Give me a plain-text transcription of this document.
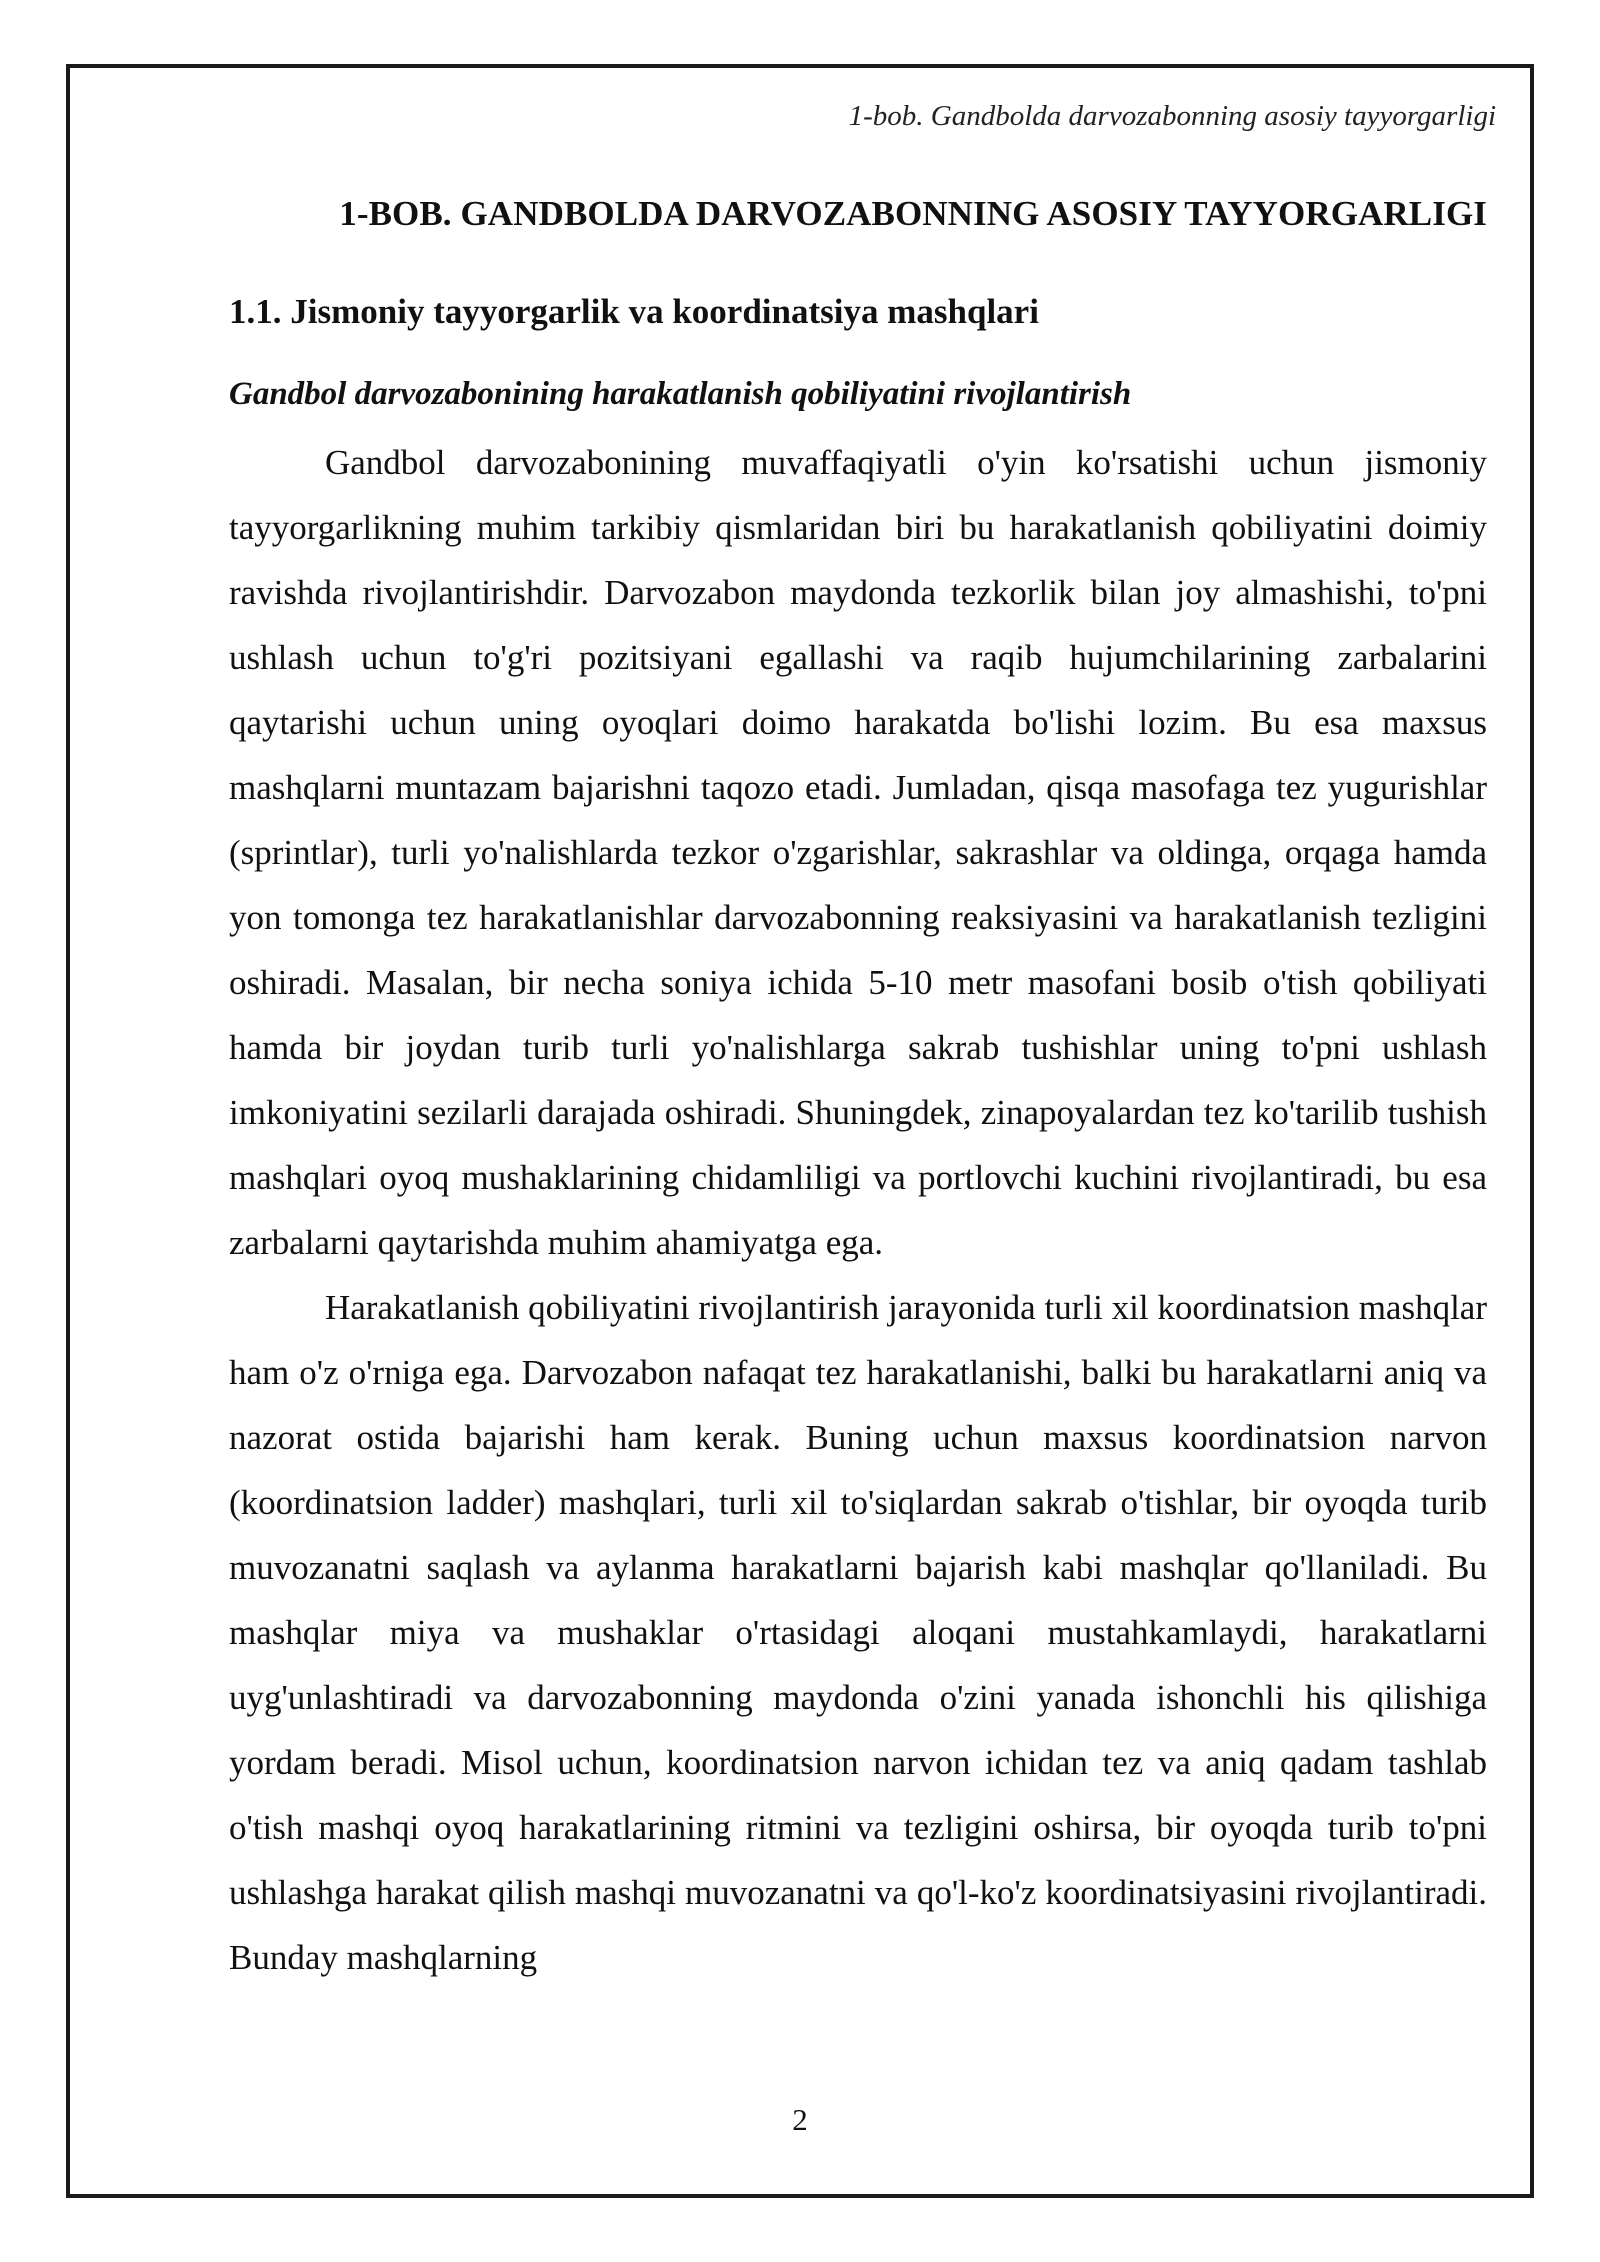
1-bob. Gandbolda darvozabonning asosiy tayyorgarligi
1-BOB. GANDBOLDA DARVOZABONNING ASOSIY TAYYORGARLIGI
1.1. Jismoniy tayyorgarlik va koordinatsiya mashqlari
Gandbol darvozabonining harakatlanish qobiliyatini rivojlantirish

Gandbol darvozabonining muvaffaqiyatli o'yin ko'rsatishi uchun jismoniy tayyorgarlikning muhim tarkibiy qismlaridan biri bu harakatlanish qobiliyatini doimiy ravishda rivojlantirishdir. Darvozabon maydonda tezkorlik bilan joy almashishi, to'pni ushlash uchun to'g'ri pozitsiyani egallashi va raqib hujumchilarining zarbalarini qaytarishi uchun uning oyoqlari doimo harakatda bo'lishi lozim. Bu esa maxsus mashqlarni muntazam bajarishni taqozo etadi. Jumladan, qisqa masofaga tez yugurishlar (sprintlar), turli yo'nalishlarda tezkor o'zgarishlar, sakrashlar va oldinga, orqaga hamda yon tomonga tez harakatlanishlar darvozabonning reaksiyasini va harakatlanish tezligini oshiradi. Masalan, bir necha soniya ichida 5-10 metr masofani bosib o'tish qobiliyati hamda bir joydan turib turli yo'nalishlarga sakrab tushishlar uning to'pni ushlash imkoniyatini sezilarli darajada oshiradi. Shuningdek, zinapoyalardan tez ko'tarilib tushish mashqlari oyoq mushaklarining chidamliligi va portlovchi kuchini rivojlantiradi, bu esa zarbalarni qaytarishda muhim ahamiyatga ega.

Harakatlanish qobiliyatini rivojlantirish jarayonida turli xil koordinatsion mashqlar ham o'z o'rniga ega. Darvozabon nafaqat tez harakatlanishi, balki bu harakatlarni aniq va nazorat ostida bajarishi ham kerak. Buning uchun maxsus koordinatsion narvon (koordinatsion ladder) mashqlari, turli xil to'siqlardan sakrab o'tishlar, bir oyoqda turib muvozanatni saqlash va aylanma harakatlarni bajarish kabi mashqlar qo'llaniladi. Bu mashqlar miya va mushaklar o'rtasidagi aloqani mustahkamlaydi, harakatlarni uyg'unlashtiradi va darvozabonning maydonda o'zini yanada ishonchli his qilishiga yordam beradi. Misol uchun, koordinatsion narvon ichidan tez va aniq qadam tashlab o'tish mashqi oyoq harakatlarining ritmini va tezligini oshirsa, bir oyoqda turib to'pni ushlashga harakat qilish mashqi muvozanatni va qo'l-ko'z koordinatsiyasini rivojlantiradi. Bunday mashqlarning

2
